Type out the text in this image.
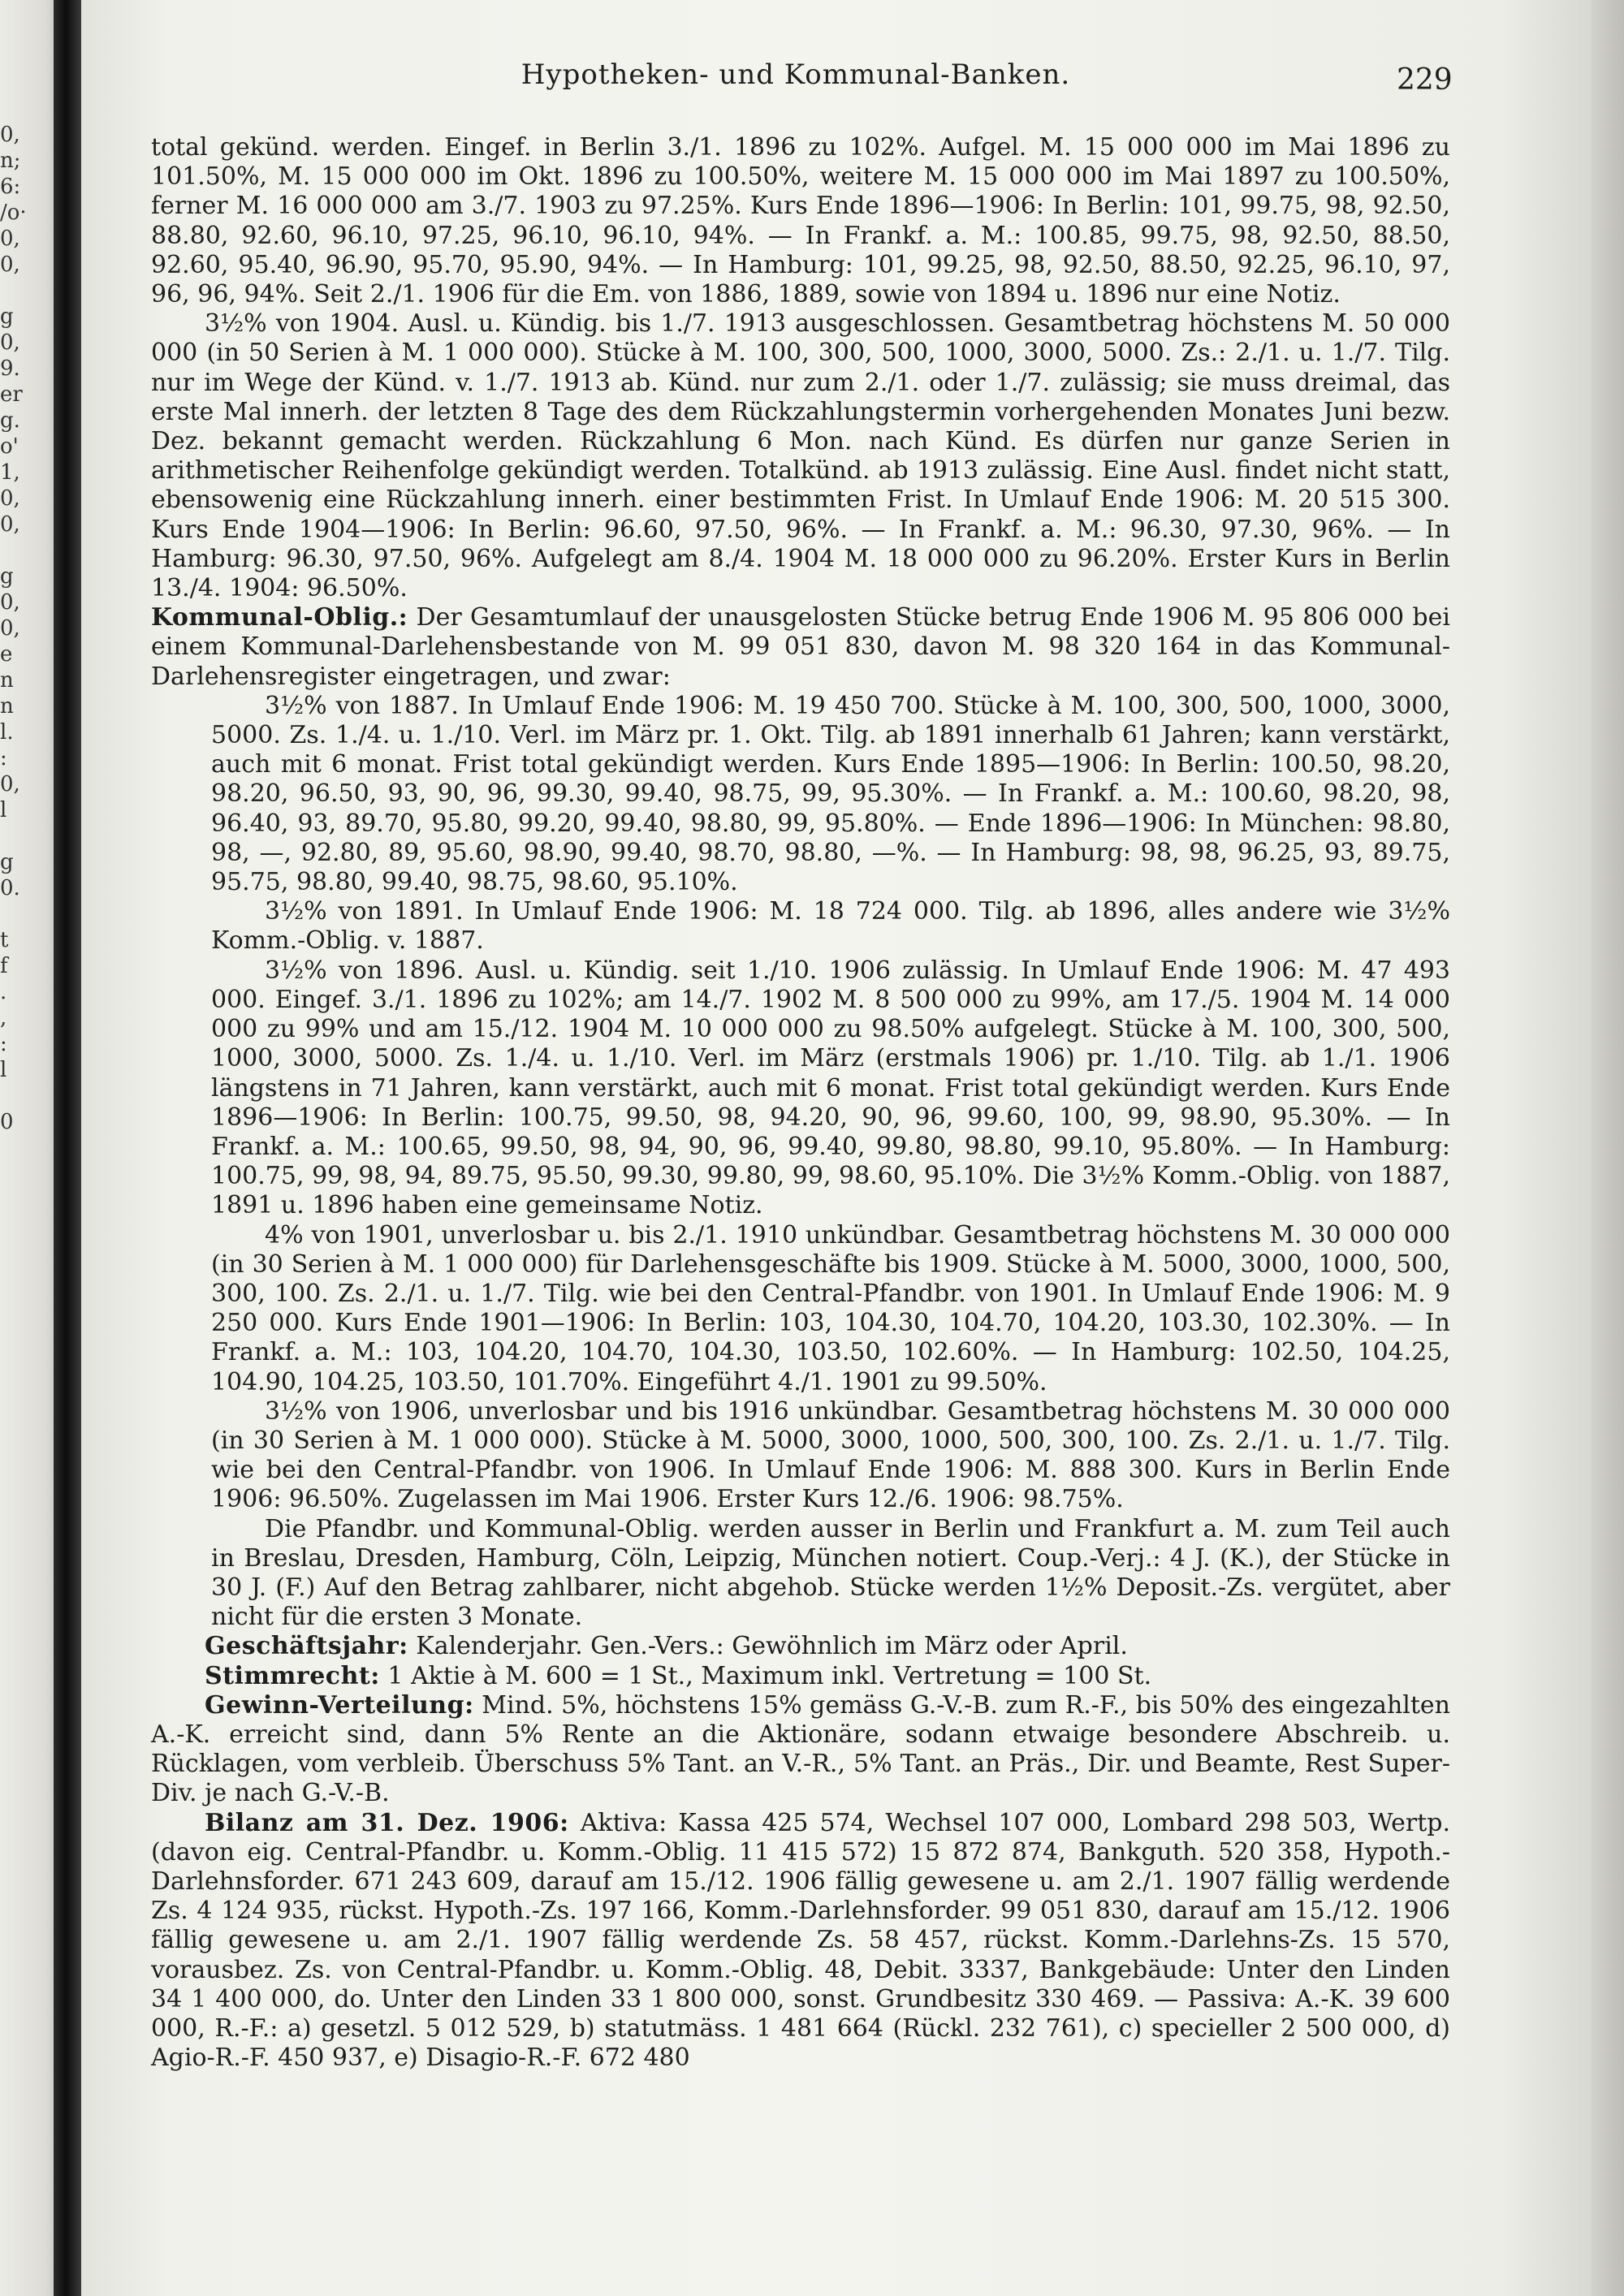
0,
n;
6:
/o·
0,
0,

g
0,
9.
er
g.
o'
1,
0,
0,

g
0,
0,
e
n
n
l.
:
0,
l

g
0.

t
f
.
,
:
l

0
Hypotheken- und Kommunal-Banken.	229

total gekünd. werden. Eingef. in Berlin 3./1. 1896 zu 102%. Aufgel. M. 15 000 000 im Mai 1896 zu 101.50%, M. 15 000 000 im Okt. 1896 zu 100.50%, weitere M. 15 000 000 im Mai 1897 zu 100.50%, ferner M. 16 000 000 am 3./7. 1903 zu 97.25%. Kurs Ende 1896—1906: In Berlin: 101, 99.75, 98, 92.50, 88.80, 92.60, 96.10, 97.25, 96.10, 96.10, 94%. — In Frankf. a. M.: 100.85, 99.75, 98, 92.50, 88.50, 92.60, 95.40, 96.90, 95.70, 95.90, 94%. — In Hamburg: 101, 99.25, 98, 92.50, 88.50, 92.25, 96.10, 97, 96, 96, 94%. Seit 2./1. 1906 für die Em. von 1886, 1889, sowie von 1894 u. 1896 nur eine Notiz.

3½% von 1904. Ausl. u. Kündig. bis 1./7. 1913 ausgeschlossen. Gesamtbetrag höchstens M. 50 000 000 (in 50 Serien à M. 1 000 000). Stücke à M. 100, 300, 500, 1000, 3000, 5000. Zs.: 2./1. u. 1./7. Tilg. nur im Wege der Künd. v. 1./7. 1913 ab. Künd. nur zum 2./1. oder 1./7. zulässig; sie muss dreimal, das erste Mal innerh. der letzten 8 Tage des dem Rückzahlungstermin vorhergehenden Monates Juni bezw. Dez. bekannt gemacht werden. Rückzahlung 6 Mon. nach Künd. Es dürfen nur ganze Serien in arithmetischer Reihenfolge gekündigt werden. Totalkünd. ab 1913 zulässig. Eine Ausl. findet nicht statt, ebensowenig eine Rückzahlung innerh. einer bestimmten Frist. In Umlauf Ende 1906: M. 20 515 300. Kurs Ende 1904—1906: In Berlin: 96.60, 97.50, 96%. — In Frankf. a. M.: 96.30, 97.30, 96%. — In Hamburg: 96.30, 97.50, 96%. Aufgelegt am 8./4. 1904 M. 18 000 000 zu 96.20%. Erster Kurs in Berlin 13./4. 1904: 96.50%.

Kommunal-Oblig.: Der Gesamtumlauf der unausgelosten Stücke betrug Ende 1906 M. 95 806 000 bei einem Kommunal-Darlehensbestande von M. 99 051 830, davon M. 98 320 164 in das Kommunal-Darlehensregister eingetragen, und zwar:

3½% von 1887. In Umlauf Ende 1906: M. 19 450 700. Stücke à M. 100, 300, 500, 1000, 3000, 5000. Zs. 1./4. u. 1./10. Verl. im März pr. 1. Okt. Tilg. ab 1891 innerhalb 61 Jahren; kann verstärkt, auch mit 6 monat. Frist total gekündigt werden. Kurs Ende 1895—1906: In Berlin: 100.50, 98.20, 98.20, 96.50, 93, 90, 96, 99.30, 99.40, 98.75, 99, 95.30%. — In Frankf. a. M.: 100.60, 98.20, 98, 96.40, 93, 89.70, 95.80, 99.20, 99.40, 98.80, 99, 95.80%. — Ende 1896—1906: In München: 98.80, 98, —, 92.80, 89, 95.60, 98.90, 99.40, 98.70, 98.80, —%. — In Hamburg: 98, 98, 96.25, 93, 89.75, 95.75, 98.80, 99.40, 98.75, 98.60, 95.10%.

3½% von 1891. In Umlauf Ende 1906: M. 18 724 000. Tilg. ab 1896, alles andere wie 3½% Komm.-Oblig. v. 1887.

3½% von 1896. Ausl. u. Kündig. seit 1./10. 1906 zulässig. In Umlauf Ende 1906: M. 47 493 000. Eingef. 3./1. 1896 zu 102%; am 14./7. 1902 M. 8 500 000 zu 99%, am 17./5. 1904 M. 14 000 000 zu 99% und am 15./12. 1904 M. 10 000 000 zu 98.50% aufgelegt. Stücke à M. 100, 300, 500, 1000, 3000, 5000. Zs. 1./4. u. 1./10. Verl. im März (erstmals 1906) pr. 1./10. Tilg. ab 1./1. 1906 längstens in 71 Jahren, kann verstärkt, auch mit 6 monat. Frist total gekündigt werden. Kurs Ende 1896—1906: In Berlin: 100.75, 99.50, 98, 94.20, 90, 96, 99.60, 100, 99, 98.90, 95.30%. — In Frankf. a. M.: 100.65, 99.50, 98, 94, 90, 96, 99.40, 99.80, 98.80, 99.10, 95.80%. — In Hamburg: 100.75, 99, 98, 94, 89.75, 95.50, 99.30, 99.80, 99, 98.60, 95.10%. Die 3½% Komm.-Oblig. von 1887, 1891 u. 1896 haben eine gemeinsame Notiz.

4% von 1901, unverlosbar u. bis 2./1. 1910 unkündbar. Gesamtbetrag höchstens M. 30 000 000 (in 30 Serien à M. 1 000 000) für Darlehensgeschäfte bis 1909. Stücke à M. 5000, 3000, 1000, 500, 300, 100. Zs. 2./1. u. 1./7. Tilg. wie bei den Central-Pfandbr. von 1901. In Umlauf Ende 1906: M. 9 250 000. Kurs Ende 1901—1906: In Berlin: 103, 104.30, 104.70, 104.20, 103.30, 102.30%. — In Frankf. a. M.: 103, 104.20, 104.70, 104.30, 103.50, 102.60%. — In Hamburg: 102.50, 104.25, 104.90, 104.25, 103.50, 101.70%. Eingeführt 4./1. 1901 zu 99.50%.

3½% von 1906, unverlosbar und bis 1916 unkündbar. Gesamtbetrag höchstens M. 30 000 000 (in 30 Serien à M. 1 000 000). Stücke à M. 5000, 3000, 1000, 500, 300, 100. Zs. 2./1. u. 1./7. Tilg. wie bei den Central-Pfandbr. von 1906. In Umlauf Ende 1906: M. 888 300. Kurs in Berlin Ende 1906: 96.50%. Zugelassen im Mai 1906. Erster Kurs 12./6. 1906: 98.75%.

Die Pfandbr. und Kommunal-Oblig. werden ausser in Berlin und Frankfurt a. M. zum Teil auch in Breslau, Dresden, Hamburg, Cöln, Leipzig, München notiert. Coup.-Verj.: 4 J. (K.), der Stücke in 30 J. (F.) Auf den Betrag zahlbarer, nicht abgehob. Stücke werden 1½% Deposit.-Zs. vergütet, aber nicht für die ersten 3 Monate.

Geschäftsjahr: Kalenderjahr. Gen.-Vers.: Gewöhnlich im März oder April.

Stimmrecht: 1 Aktie à M. 600 = 1 St., Maximum inkl. Vertretung = 100 St.

Gewinn-Verteilung: Mind. 5%, höchstens 15% gemäss G.-V.-B. zum R.-F., bis 50% des eingezahlten A.-K. erreicht sind, dann 5% Rente an die Aktionäre, sodann etwaige besondere Abschreib. u. Rücklagen, vom verbleib. Überschuss 5% Tant. an V.-R., 5% Tant. an Präs., Dir. und Beamte, Rest Super-Div. je nach G.-V.-B.

Bilanz am 31. Dez. 1906: Aktiva: Kassa 425 574, Wechsel 107 000, Lombard 298 503, Wertp. (davon eig. Central-Pfandbr. u. Komm.-Oblig. 11 415 572) 15 872 874, Bankguth. 520 358, Hypoth.-Darlehnsforder. 671 243 609, darauf am 15./12. 1906 fällig gewesene u. am 2./1. 1907 fällig werdende Zs. 4 124 935, rückst. Hypoth.-Zs. 197 166, Komm.-Darlehnsforder. 99 051 830, darauf am 15./12. 1906 fällig gewesene u. am 2./1. 1907 fällig werdende Zs. 58 457, rückst. Komm.-Darlehns-Zs. 15 570, vorausbez. Zs. von Central-Pfandbr. u. Komm.-Oblig. 48, Debit. 3337, Bankgebäude: Unter den Linden 34 1 400 000, do. Unter den Linden 33 1 800 000, sonst. Grundbesitz 330 469. — Passiva: A.-K. 39 600 000, R.-F.: a) gesetzl. 5 012 529, b) statutmäss. 1 481 664 (Rückl. 232 761), c) specieller 2 500 000, d) Agio-R.-F. 450 937, e) Disagio-R.-F. 672 480
